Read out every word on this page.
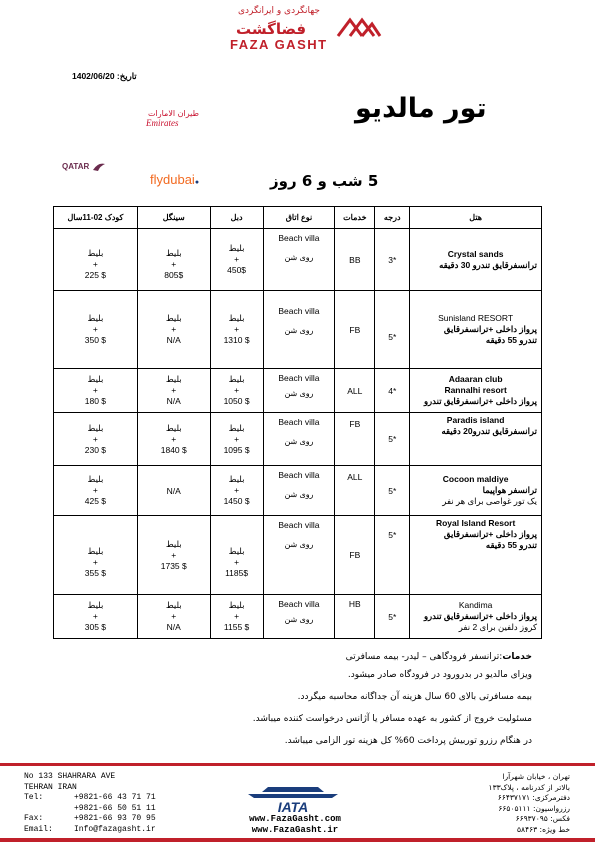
جهانگردی و ایرانگردی
فضاگشت
FAZA GASHT
تاریخ: 1402/06/20
تور مالدیو
طیران الامارات
Emirates
QATAR
flydubai●	5 شب و 6 روز
کودک 02-11سال	سینگل	دبل	نوع اتاق	خدمات	درجه	هتل

بلیط
+
225 $	بلیط
+
805$	بلیط
+
450$	Beach villa
روی شن	BB	3*	Crystal sands
ترانسفرقایق تندرو 30 دقیقه

بلیط
+
350 $	بلیط
+
N/A	بلیط
+
1310 $	Beach villa
روی شن	FB	5*	Sunisland RESORT
پرواز داخلی +ترانسفرقایق
تندرو 55 دقیقه

بلیط
+
180 $	بلیط
+
N/A	بلیط
+
1050 $	Beach villa
روی شن	ALL	4*	Adaaran club
Rannalhi resort
پرواز داخلی +ترانسفرقایق تندرو

بلیط
+
230 $	بلیط
+
1840 $	بلیط
+
1095 $	Beach villa
روی شن	FB	5*	Paradis island
ترانسفرقایق تندرو20 دقیقه

بلیط
+
425 $	N/A	بلیط
+
1450 $	Beach villa
روی شن	ALL	5*	Cocoon maldiye
ترانسفر هواپیما
یک تور غواصی برای هر نفر

بلیط
+
355 $	بلیط
+
1735 $	بلیط
+
1185$	Beach villa
روی شن	FB	5*	Royal Island Resort
پرواز داخلی +ترانسفرقایق
تندرو 55 دقیقه

بلیط
+
305 $	بلیط
+
N/A	بلیط
+
1155 $	Beach villa
روی شن	HB	5*	Kandima
پرواز داخلی +ترانسفرقایق تندرو
کروز دلفین برای 2 نفر
خدمات:ترانسفر فرودگاهی – لیدر- بیمه مسافرتی
ویزای مالدیو در بدرورود در فرودگاه صادر میشود.
بیمه مسافرتی بالای 60 سال هزینه آن جداگانه محاسبه میگردد.
مسئولیت خروج از کشور به عهده مسافر یا آژانس درخواست کننده میباشد.
در هنگام رزرو توربیش پرداخت 60% کل هزینه تور الزامی میباشد.
No 133 SHAHRARA AVE
TEHRAN IRAN
Tel:	+9821-66 43 71 71
+9821-66 50 51 11
Fax:	+9821-66 93 70 95
Email:	Info@fazagasht.ir
تهران ، خیابان شهرآرا
بالاتر از کدرنامه ، پلاک۱۳۳
دفترمرکزی: ۶۶۴۳۷۱۷۱
رزرواسیون: ۶۶۵۰۵۱۱۱
فکس: ۶۶۹۳۷۰۹۵
خط ویژه: ۵۸۴۶۳
IATA
www.FazaGasht.com
www.FazaGasht.ir
